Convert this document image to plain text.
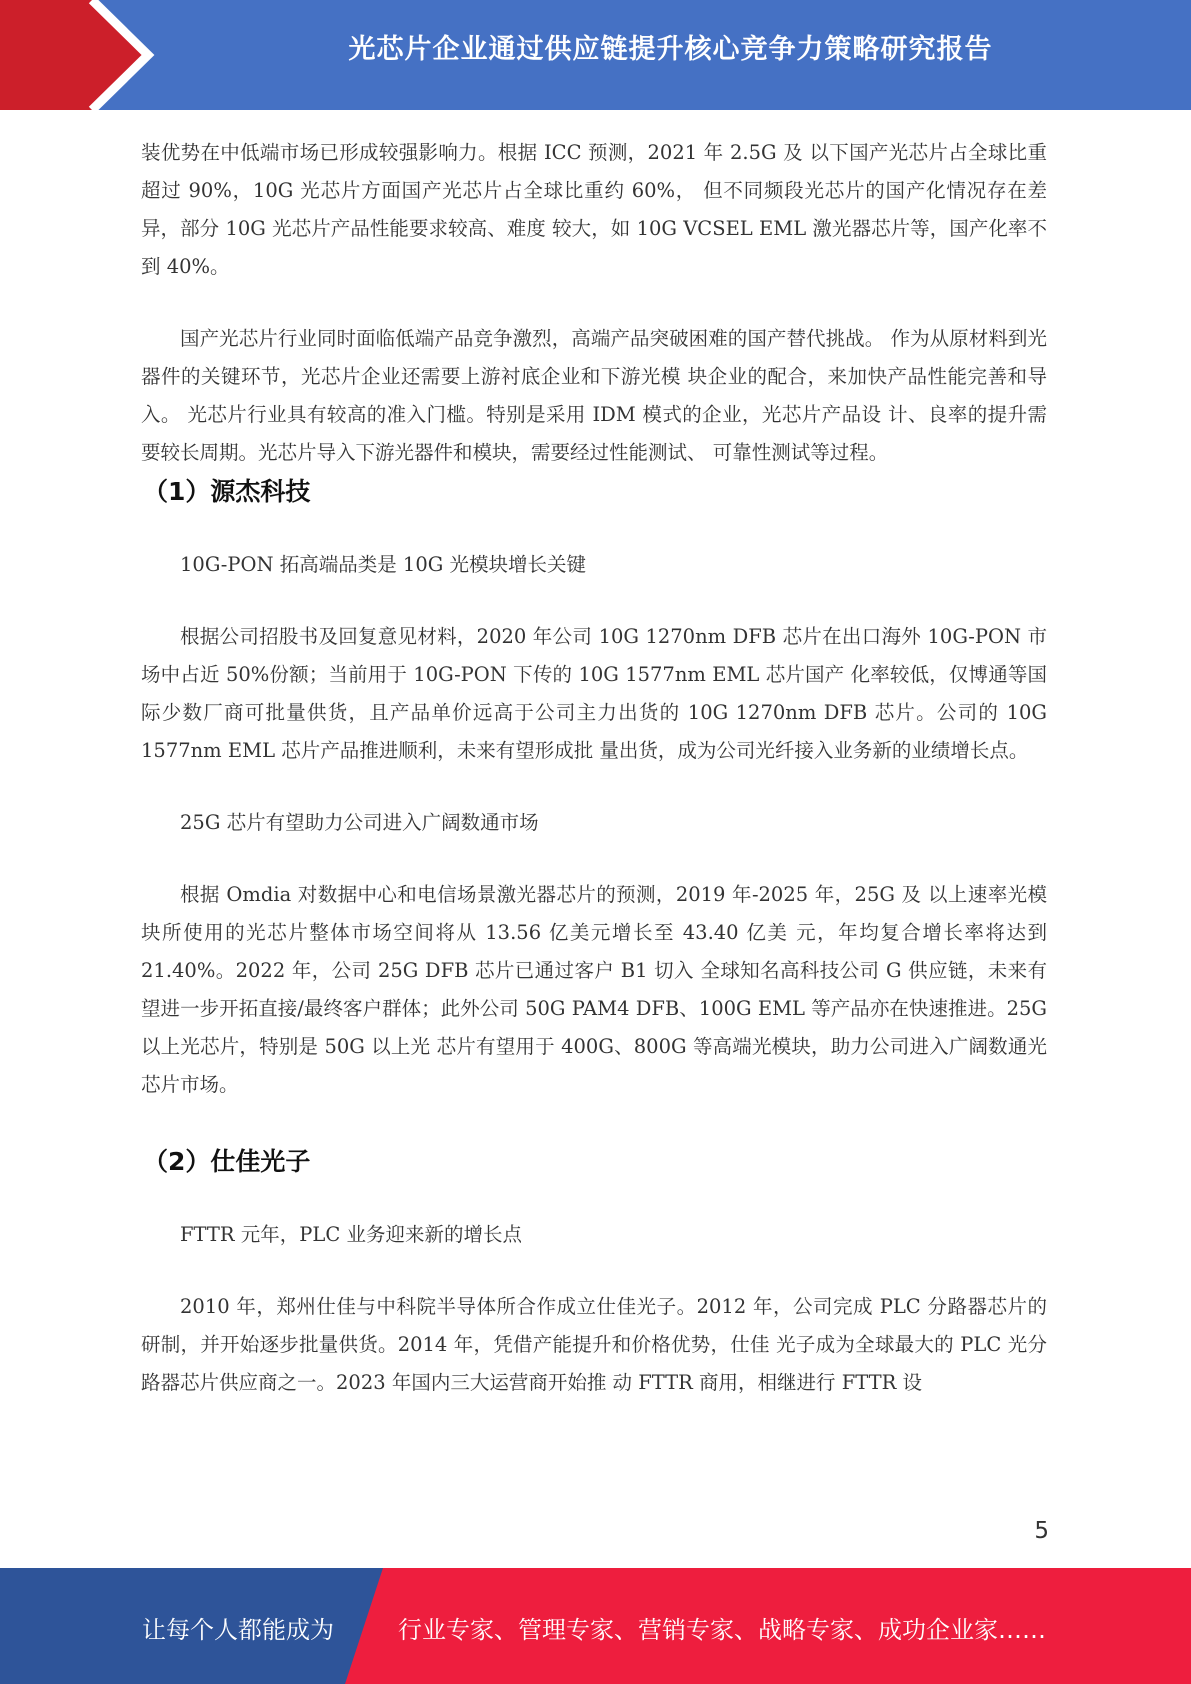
光芯片企业通过供应链提升核心竞争力策略研究报告

装优势在中低端市场已形成较强影响力。根据 ICC 预测，2021 年 2.5G 及 以下国产光芯片占全球比重超过 90%，10G 光芯片方面国产光芯片占全球比重约 60%， 但不同频段光芯片的国产化情况存在差异，部分 10G 光芯片产品性能要求较高、难度 较大，如 10G VCSEL EML 激光器芯片等，国产化率不到 40%。

国产光芯片行业同时面临低端产品竞争激烈，高端产品突破困难的国产替代挑战。 作为从原材料到光器件的关键环节，光芯片企业还需要上游衬底企业和下游光模 块企业的配合，来加快产品性能完善和导入。 光芯片行业具有较高的准入门槛。特别是采用 IDM 模式的企业，光芯片产品设 计、良率的提升需要较长周期。光芯片导入下游光器件和模块，需要经过性能测试、 可靠性测试等过程。

（1）源杰科技

10G-PON 拓高端品类是 10G 光模块增长关键

根据公司招股书及回复意见材料，2020 年公司 10G 1270nm DFB 芯片在出口海外 10G-PON 市场中占近 50%份额；当前用于 10G-PON 下传的 10G 1577nm EML 芯片国产 化率较低，仅博通等国际少数厂商可批量供货，且产品单价远高于公司主力出货的 10G 1270nm DFB 芯片。公司的 10G 1577nm EML 芯片产品推进顺利，未来有望形成批 量出货，成为公司光纤接入业务新的业绩增长点。

25G 芯片有望助力公司进入广阔数通市场

根据 Omdia 对数据中心和电信场景激光器芯片的预测，2019 年-2025 年，25G 及 以上速率光模块所使用的光芯片整体市场空间将从 13.56 亿美元增长至 43.40 亿美 元，年均复合增长率将达到 21.40%。2022 年，公司 25G DFB 芯片已通过客户 B1 切入 全球知名高科技公司 G 供应链，未来有望进一步开拓直接/最终客户群体；此外公司 50G PAM4 DFB、100G EML 等产品亦在快速推进。25G 以上光芯片，特别是 50G 以上光 芯片有望用于 400G、800G 等高端光模块，助力公司进入广阔数通光芯片市场。

（2）仕佳光子

FTTR 元年，PLC 业务迎来新的增长点

2010 年，郑州仕佳与中科院半导体所合作成立仕佳光子。2012 年，公司完成 PLC 分路器芯片的研制，并开始逐步批量供货。2014 年，凭借产能提升和价格优势，仕佳 光子成为全球最大的 PLC 光分路器芯片供应商之一。2023 年国内三大运营商开始推 动 FTTR 商用，相继进行 FTTR 设

5
让每个人都能成为	行业专家、管理专家、营销专家、战略专家、成功企业家……
